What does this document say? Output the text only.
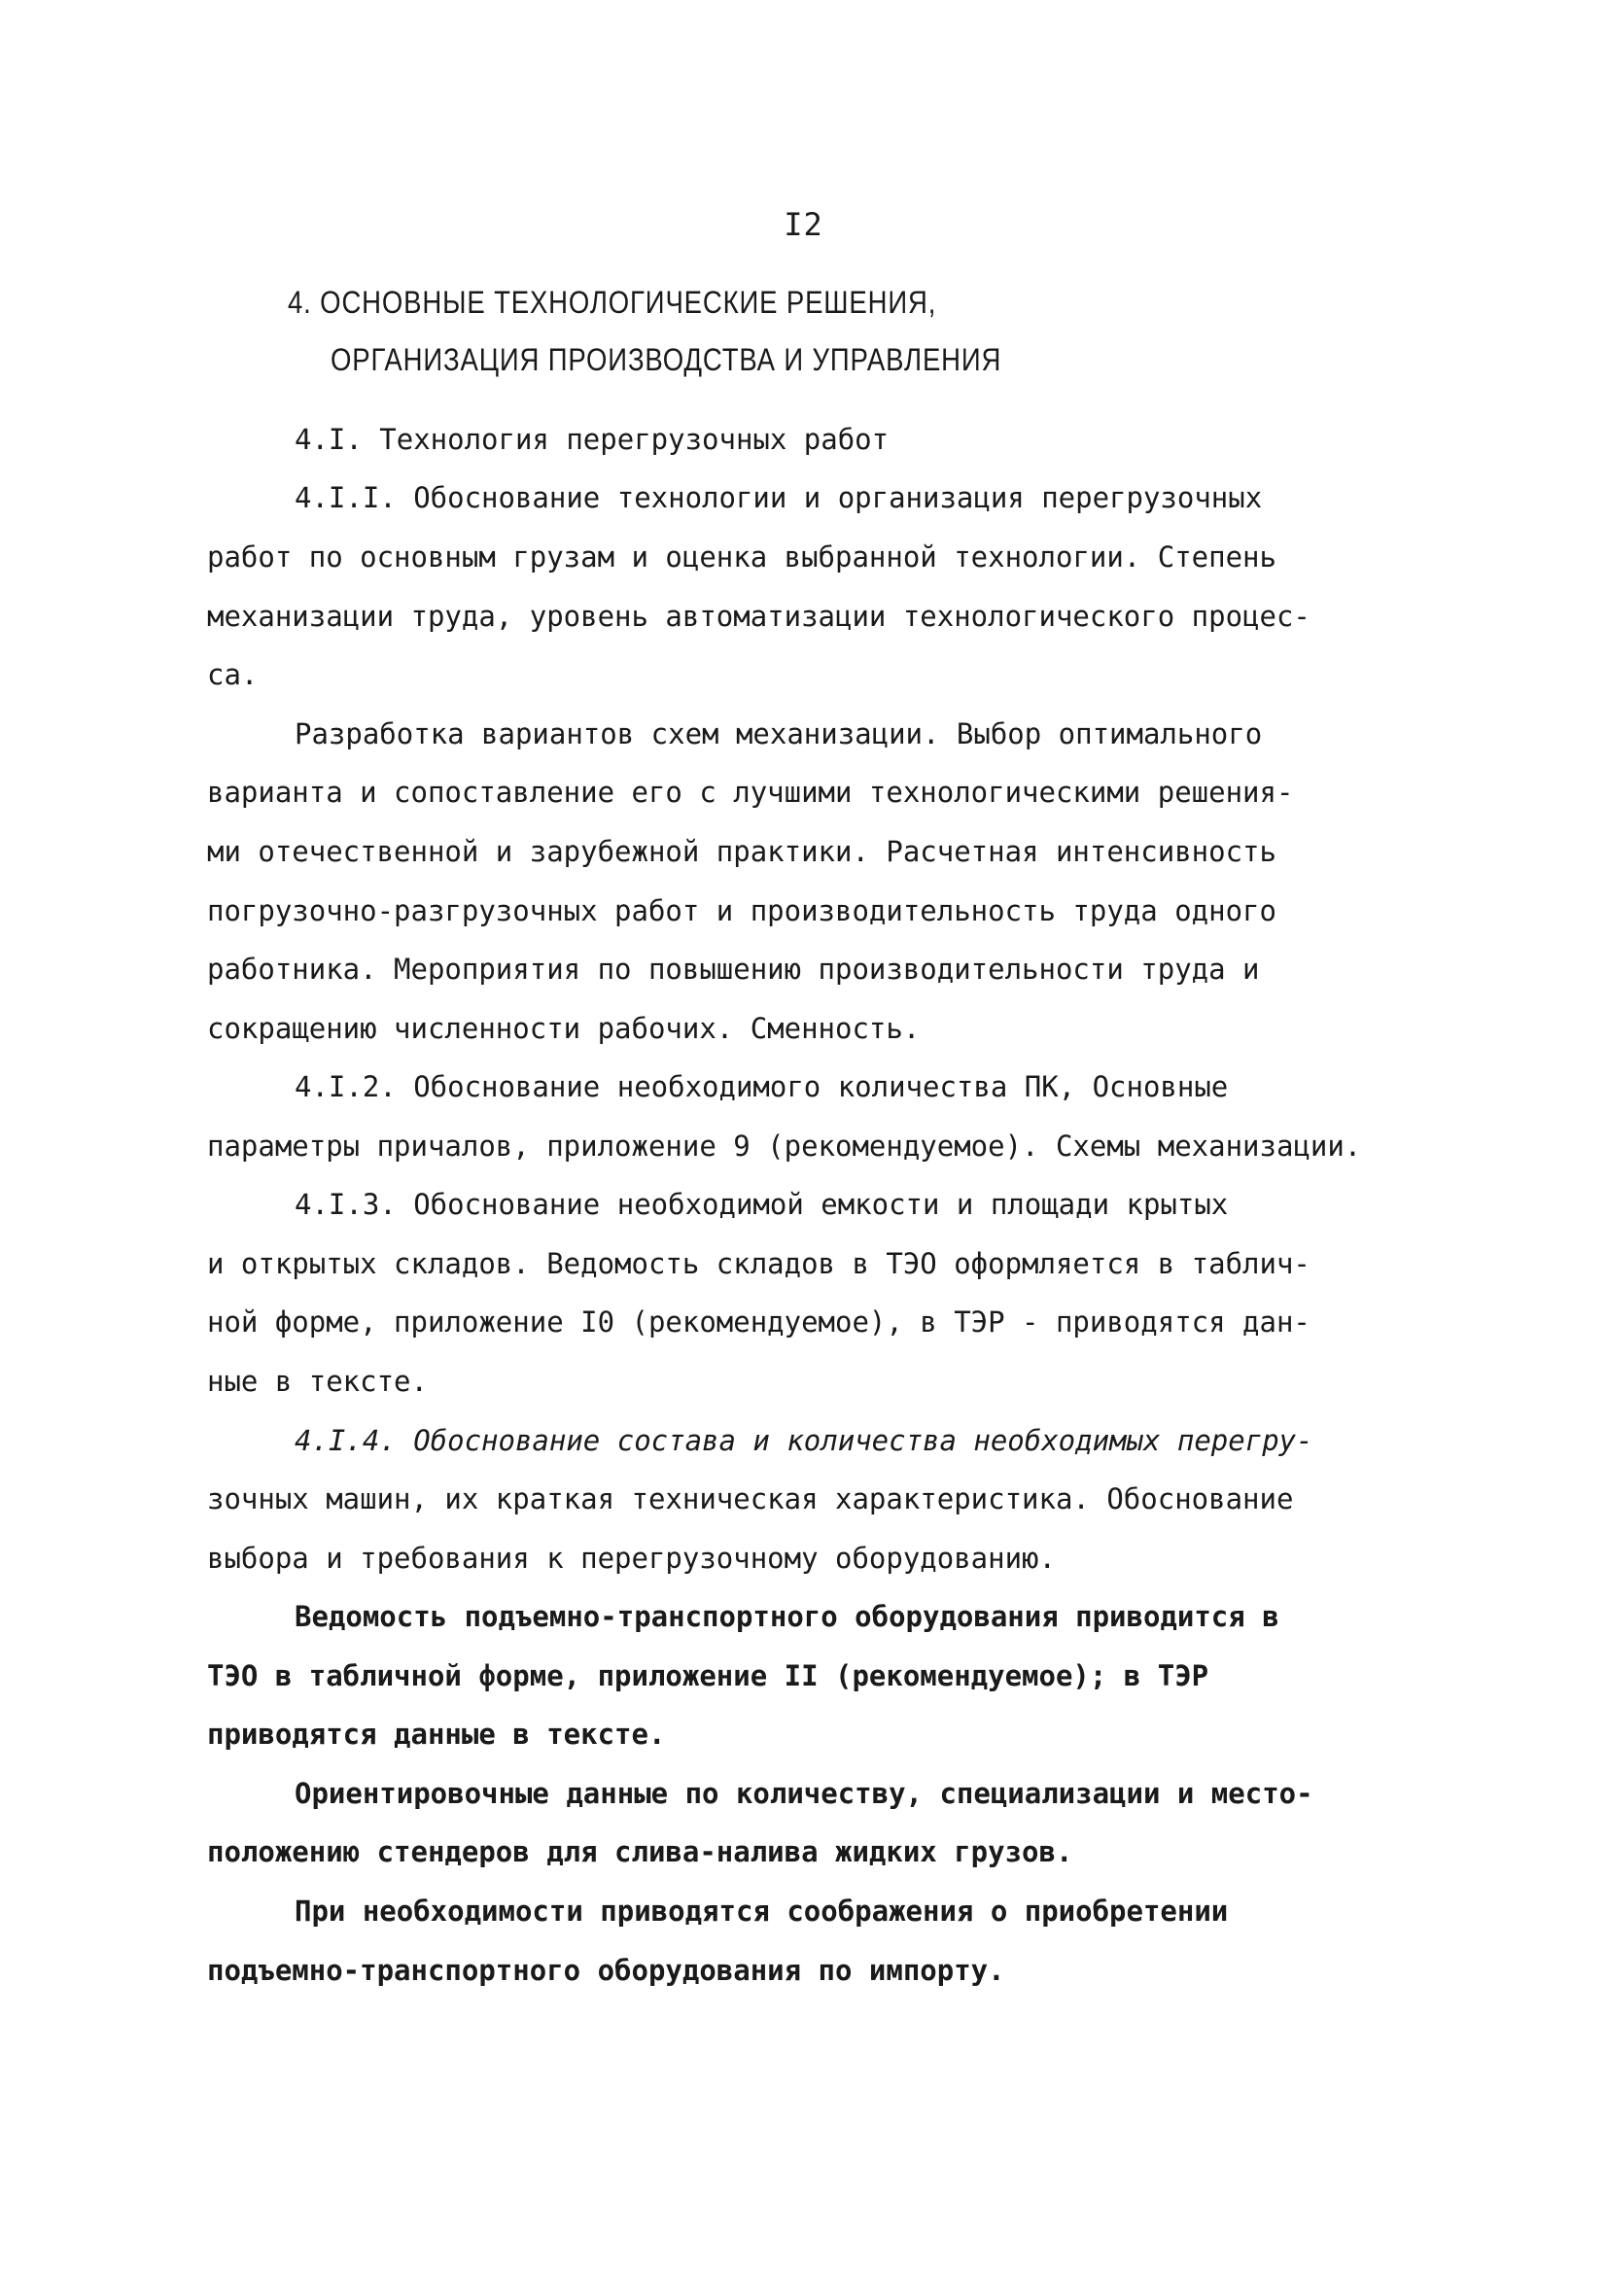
I2
4. ОСНОВНЫЕ ТЕХНОЛОГИЧЕСКИЕ РЕШЕНИЯ,
ОРГАНИЗАЦИЯ ПРОИЗВОДСТВА И УПРАВЛЕНИЯ
4.I. Технология перегрузочных работ
4.I.I. Обоснование технологии и организация перегрузочных
работ по основным грузам и оценка выбранной технологии. Степень
механизации труда, уровень автоматизации технологического процес-
са.
Разработка вариантов схем механизации. Выбор оптимального
варианта и сопоставление его с лучшими технологическими решения-
ми отечественной и зарубежной практики. Расчетная интенсивность
погрузочно-разгрузочных работ и производительность труда одного
работника. Мероприятия по повышению производительности труда и
сокращению численности рабочих. Сменность.
4.I.2. Обоснование необходимого количества ПК, Основные
параметры причалов, приложение 9 (рекомендуемое). Схемы механизации.
4.I.3. Обоснование необходимой емкости и площади крытых
и открытых складов. Ведомость складов в ТЭО оформляется в таблич-
ной форме, приложение I0 (рекомендуемое), в ТЭР - приводятся дан-
ные в тексте.
4.I.4. Обоснование состава и количества необходимых перегру-
зочных машин, их краткая техническая характеристика. Обоснование
выбора и требования к перегрузочному оборудованию.
Ведомость подъемно-транспортного оборудования приводится в
ТЭО в табличной форме, приложение II (рекомендуемое); в ТЭР
приводятся данные в тексте.
Ориентировочные данные по количеству, специализации и место-
положению стендеров для слива-налива жидких грузов.
При необходимости приводятся соображения о приобретении
подъемно-транспортного оборудования по импорту.
